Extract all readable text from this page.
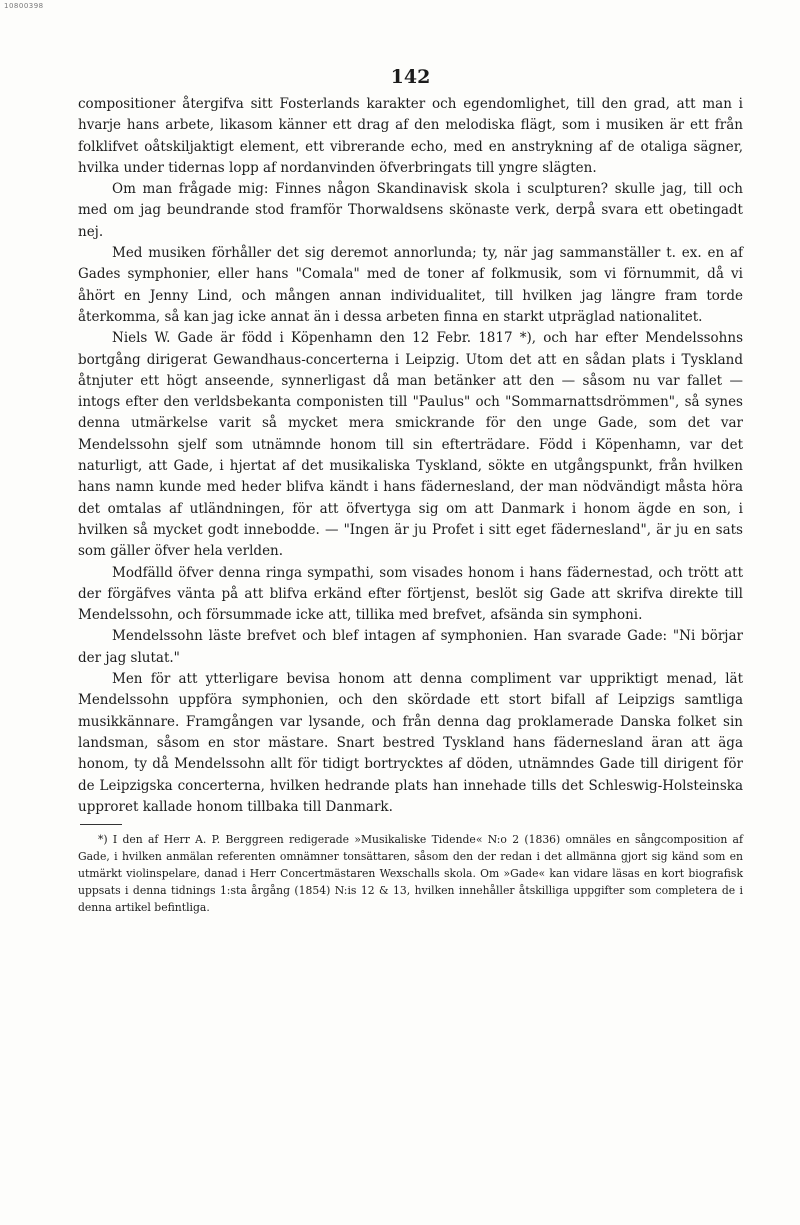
10800398
142

compositioner återgifva sitt Fosterlands karakter och egendomlighet, till den grad, att man i hvarje hans arbete, likasom känner ett drag af den melodiska flägt, som i musiken är ett från folklifvet oåtskiljaktigt element, ett vibrerande echo, med en anstrykning af de otaliga sägner, hvilka under tidernas lopp af nordanvinden öfverbringats till yngre slägten.

Om man frågade mig: Finnes någon Skandinavisk skola i sculpturen? skulle jag, till och med om jag beundrande stod framför Thorwaldsens skönaste verk, derpå svara ett obetingadt nej.

Med musiken förhåller det sig deremot annorlunda; ty, när jag sammanställer t. ex. en af Gades symphonier, eller hans "Comala" med de toner af folkmusik, som vi förnummit, då vi åhört en Jenny Lind, och mången annan individualitet, till hvilken jag längre fram torde återkomma, så kan jag icke annat än i dessa arbeten finna en starkt utpräglad nationalitet.

Niels W. Gade är född i Köpenhamn den 12 Febr. 1817 *), och har efter Mendelssohns bortgång dirigerat Gewandhaus-concerterna i Leipzig. Utom det att en sådan plats i Tyskland åtnjuter ett högt anseende, synnerligast då man betänker att den — såsom nu var fallet — intogs efter den verldsbekanta componisten till "Paulus" och "Sommarnattsdrömmen", så synes denna utmärkelse varit så mycket mera smickrande för den unge Gade, som det var Mendelssohn sjelf som utnämnde honom till sin efterträdare. Född i Köpenhamn, var det naturligt, att Gade, i hjertat af det musikaliska Tyskland, sökte en utgångspunkt, från hvilken hans namn kunde med heder blifva kändt i hans fädernesland, der man nödvändigt måsta höra det omtalas af utländningen, för att öfvertyga sig om att Danmark i honom ägde en son, i hvilken så mycket godt innebodde. — "Ingen är ju Profet i sitt eget fädernesland", är ju en sats som gäller öfver hela verlden.

Modfälld öfver denna ringa sympathi, som visades honom i hans fädernestad, och trött att der förgäfves vänta på att blifva erkänd efter förtjenst, beslöt sig Gade att skrifva direkte till Mendelssohn, och försummade icke att, tillika med brefvet, afsända sin symphoni.

Mendelssohn läste brefvet och blef intagen af symphonien. Han svarade Gade: "Ni börjar der jag slutat."

Men för att ytterligare bevisa honom att denna compliment var uppriktigt menad, lät Mendelssohn uppföra symphonien, och den skördade ett stort bifall af Leipzigs samtliga musikkännare. Framgången var lysande, och från denna dag proklamerade Danska folket sin landsman, såsom en stor mästare. Snart bestred Tyskland hans fädernesland äran att äga honom, ty då Mendelssohn allt för tidigt bortrycktes af döden, utnämndes Gade till dirigent för de Leipzigska concerterna, hvilken hedrande plats han innehade tills det Schleswig-Holsteinska upproret kallade honom tillbaka till Danmark.

*) I den af Herr A. P. Berggreen redigerade »Musikaliske Tidende« N:o 2 (1836) omnäles en sångcomposition af Gade, i hvilken anmälan referenten omnämner tonsättaren, såsom den der redan i det allmänna gjort sig känd som en utmärkt violinspelare, danad i Herr Concertmästaren Wexschalls skola. Om »Gade« kan vidare läsas en kort biografisk uppsats i denna tidnings 1:sta årgång (1854) N:is 12 & 13, hvilken innehåller åtskilliga uppgifter som completera de i denna artikel befintliga.
